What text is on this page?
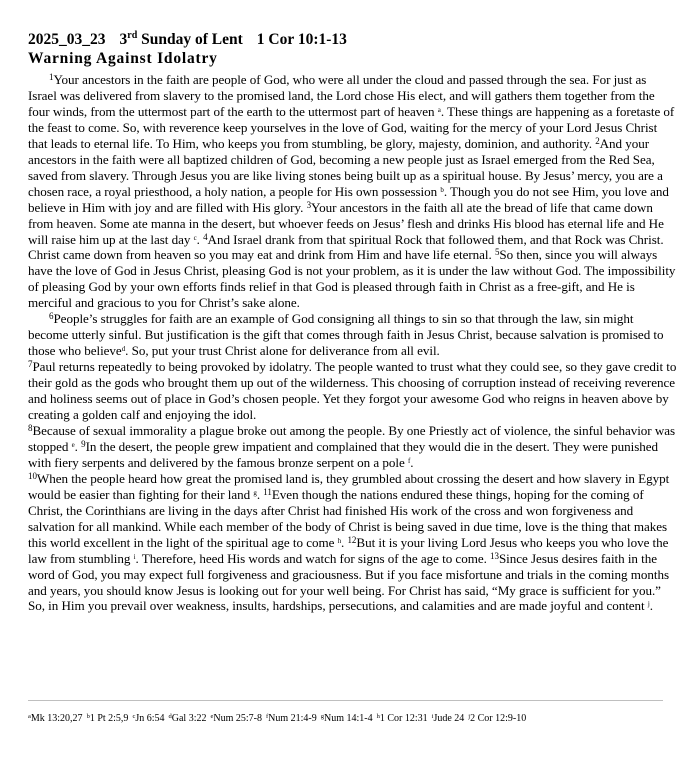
2025_03_23 3rd Sunday of Lent 1 Cor 10:1-13
Warning Against Idolatry

$^1$Your ancestors in the faith are people of God, who were all under the cloud and passed through the sea. For just as Israel was delivered from slavery to the promised land, the Lord chose His elect, and will gathers them together from the four winds, from the uttermost part of the earth to the uttermost part of heaven $^a$. These things are happening as a foretaste of the feast to come. So, with reverence keep yourselves in the love of God, waiting for the mercy of your Lord Jesus Christ that leads to eternal life. To Him, who keeps you from stumbling, be glory, majesty, dominion, and authority. $^2$And your ancestors in the faith were all baptized children of God, becoming a new people just as Israel emerged from the Red Sea, saved from slavery. Through Jesus you are like living stones being built up as a spiritual house. By Jesus’ mercy, you are a chosen race, a royal priesthood, a holy nation, a people for His own possession $^b$. Though you do not see Him, you love and believe in Him with joy and are filled with His glory. $^3$Your ancestors in the faith all ate the bread of life that came down from heaven. Some ate manna in the desert, but whoever feeds on Jesus’ flesh and drinks His blood has eternal life and He will raise him up at the last day $^c$. $^4$And Israel drank from that spiritual Rock that followed them, and that Rock was Christ. Christ came down from heaven so you may eat and drink from Him and have life eternal. $^5$So then, since you will always have the love of God in Jesus Christ, pleasing God is not your problem, as it is under the law without God. The impossibility of pleasing God by your own efforts finds relief in that God is pleased through faith in Christ as a free-gift, and He is merciful and gracious to you for Christ’s sake alone.

$^6$People’s struggles for faith are an example of God consigning all things to sin so that through the law, sin might become utterly sinful. But justification is the gift that comes through faith in Jesus Christ, because salvation is promised to those who believe$^d$. So, put your trust Christ alone for deliverance from all evil.
$^7$Paul returns repeatedly to being provoked by idolatry. The people wanted to trust what they could see, so they gave credit to their gold as the gods who brought them up out of the wilderness. This choosing of corruption instead of receiving reverence and holiness seems out of place in God’s chosen people. Yet they forgot your awesome God who reigns in heaven above by creating a golden calf and enjoying the idol.
$^8$Because of sexual immorality a plague broke out among the people. By one Priestly act of violence, the sinful behavior was stopped $^e$. $^9$In the desert, the people grew impatient and complained that they would die in the desert. They were punished with fiery serpents and delivered by the famous bronze serpent on a pole $^f$.
$^{10}$When the people heard how great the promised land is, they grumbled about crossing the desert and how slavery in Egypt would be easier than fighting for their land $^g$. $^{11}$Even though the nations endured these things, hoping for the coming of Christ, the Corinthians are living in the days after Christ had finished His work of the cross and won forgiveness and salvation for all mankind. While each member of the body of Christ is being saved in due time, love is the thing that makes this world excellent in the light of the spiritual age to come $^h$. $^{12}$But it is your living Lord Jesus who keeps you who love the law from stumbling $^i$. Therefore, heed His words and watch for signs of the age to come. $^{13}$Since Jesus desires faith in the word of God, you may expect full forgiveness and graciousness. But if you face misfortune and trials in the coming months and years, you should know Jesus is looking out for your well being. For Christ has said, “My grace is sufficient for you.” So, in Him you prevail over weakness, insults, hardships, persecutions, and calamities and are made joyful and content $^j$.

$^a$Mk 13:20,27 $^b$1 Pt 2:5,9 $^c$Jn 6:54 $^d$Gal 3:22 $^e$Num 25:7-8 $^f$Num 21:4-9 $^g$Num 14:1-4 $^h$1 Cor 12:31 $^i$Jude 24 $^j$2 Cor 12:9-10
